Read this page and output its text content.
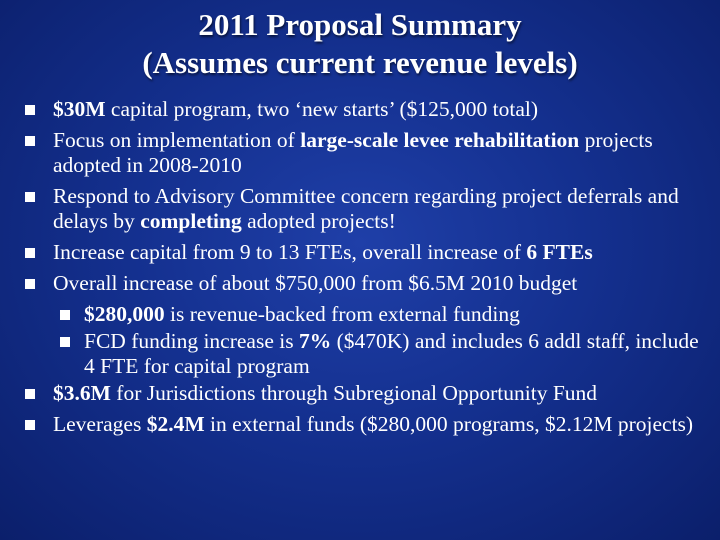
2011 Proposal Summary
(Assumes current revenue levels)
$30M capital program, two ‘new starts’ ($125,000 total)
Focus on implementation of large-scale levee rehabilitation projects adopted in 2008-2010
Respond to Advisory Committee concern regarding project deferrals and delays by completing adopted projects!
Increase capital from 9 to 13 FTEs, overall increase of 6 FTEs
Overall increase of about $750,000 from $6.5M 2010 budget
$280,000 is revenue-backed from external funding
FCD funding increase is 7% ($470K) and includes 6 addl staff, include 4 FTE for capital program
$3.6M for Jurisdictions through Subregional Opportunity Fund
Leverages $2.4M in external funds ($280,000 programs, $2.12M projects)
